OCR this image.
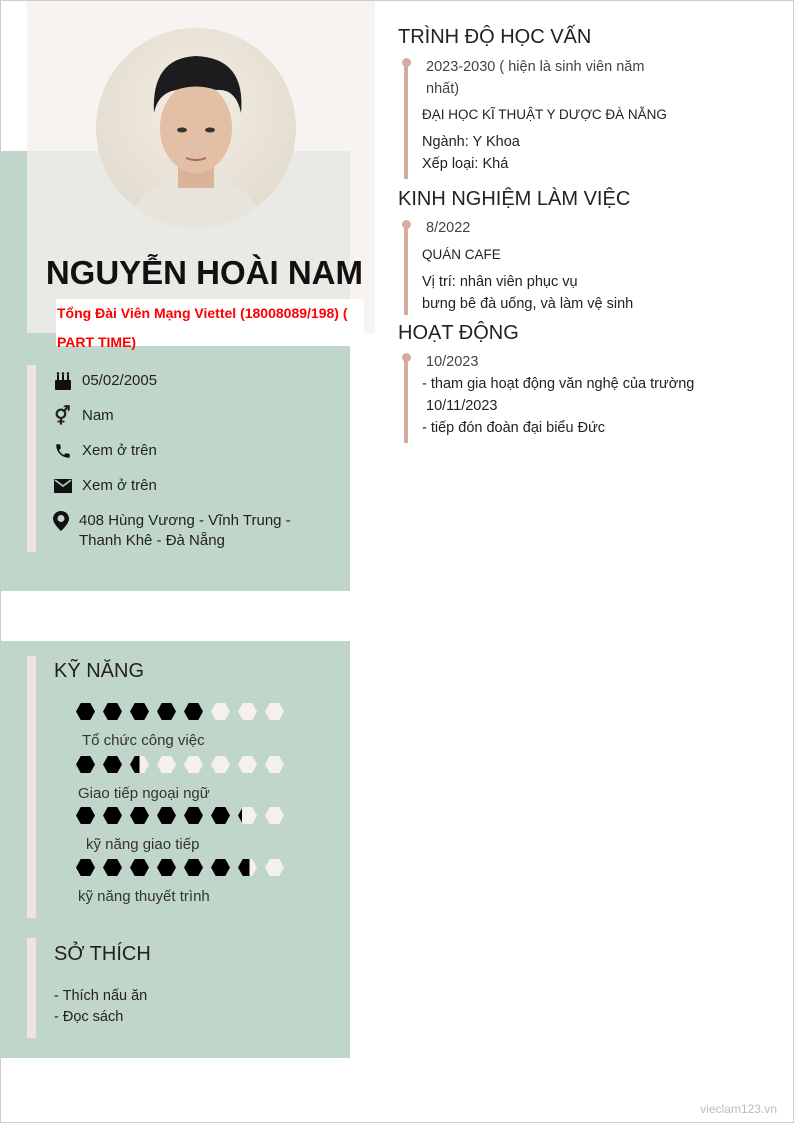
NGUYỄN HOÀI NAM
Tổng Đài Viên Mạng Viettel (18008089/198) ( PART TIME)
05/02/2005
⚥ Nam
Xem ở trên
Xem ở trên
408 Hùng Vương - Vĩnh Trung - Thanh Khê - Đà Nẵng
KỸ NĂNG
Tổ chức công việc
Giao tiếp ngoại ngữ
kỹ năng giao tiếp
kỹ năng thuyết trình
SỞ THÍCH
- Thích nấu ăn
- Đọc sách
TRÌNH ĐỘ HỌC VẤN
2023-2030 ( hiện là sinh viên năm nhất)
ĐẠI HỌC KĨ THUẬT Y DƯỢC ĐÀ NẴNG
Ngành: Y Khoa
Xếp loại: Khá
KINH NGHIỆM LÀM VIỆC
8/2022
QUÁN CAFE
Vị trí: nhân viên phục vụ
bưng bê đà uống, và làm vệ sinh
HOẠT ĐỘNG
10/2023
- tham gia hoạt động văn nghệ của trường
10/11/2023
- tiếp đón đoàn đại biểu Đức
vieclam123.vn
